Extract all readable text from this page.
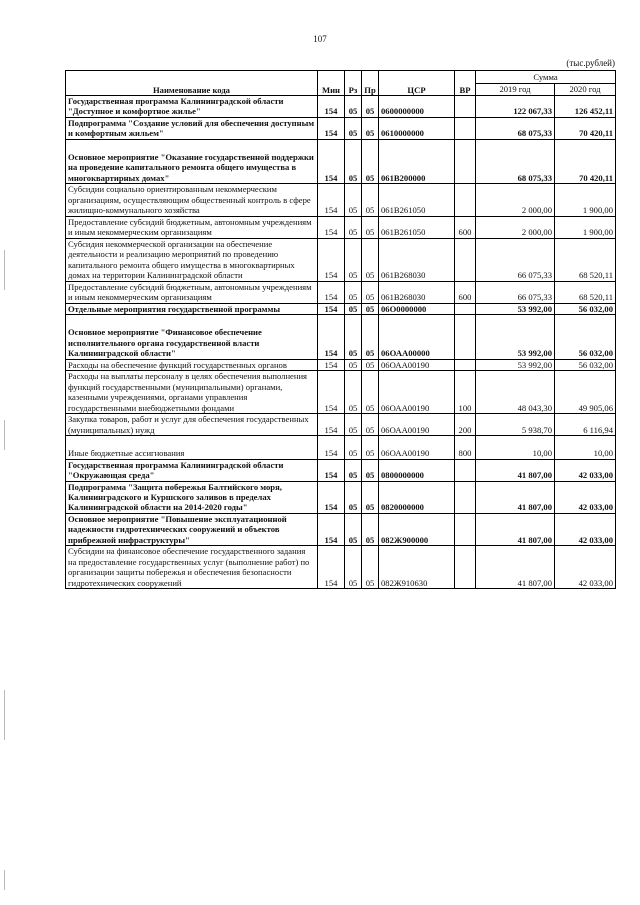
107
(тыс.рублей)
Наименование кода	Мин	Рз	Пр	ЦСР	ВР	Сумма	
						2019 год	2020 год
Государственная программа Калининградской области "Доступное и комфортное жилье"	154	05	05	0600000000		122 067,33	126 452,11
Подпрограмма "Создание условий для обеспечения доступным и комфортным жильем"	154	05	05	0610000000		68 075,33	70 420,11
Основное мероприятие "Оказание государственной поддержки на проведение капитального ремонта общего имущества в многоквартирных домах"	154	05	05	061В200000		68 075,33	70 420,11
Субсидии социально ориентированным некоммерческим организациям, осуществляющим общественный контроль в сфере жилищно-коммунального хозяйства	154	05	05	061В261050		2 000,00	1 900,00
Предоставление субсидий бюджетным, автономным учреждениям и иным некоммерческим организациям	154	05	05	061В261050	600	2 000,00	1 900,00
Субсидия некоммерческой организации на обеспечение деятельности и реализацию мероприятий по проведению капитального ремонта общего имущества в многоквартирных домах на территории Калининградской области	154	05	05	061В268030		66 075,33	68 520,11
Предоставление субсидий бюджетным, автономным учреждениям и иным некоммерческим организациям	154	05	05	061В268030	600	66 075,33	68 520,11
Отдельные мероприятия государственной программы	154	05	05	06О0000000		53 992,00	56 032,00
Основное мероприятие "Финансовое обеспечение исполнительного органа государственной власти Калининградской области"	154	05	05	06ОАА00000		53 992,00	56 032,00
Расходы на обеспечение функций государственных органов	154	05	05	06ОАА00190		53 992,00	56 032,00
Расходы на выплаты персоналу в целях обеспечения выполнения функций государственными (муниципальными) органами, казенными учреждениями, органами управления государственными внебюджетными фондами	154	05	05	06ОАА00190	100	48 043,30	49 905,06
Закупка товаров, работ и услуг для обеспечения государственных (муниципальных) нужд	154	05	05	06ОАА00190	200	5 938,70	6 116,94
Иные бюджетные ассигнования	154	05	05	06ОАА00190	800	10,00	10,00
Государственная программа Калининградской области "Окружающая среда"	154	05	05	0800000000		41 807,00	42 033,00
Подпрограмма "Защита побережья Балтийского моря, Калининградского и Куршского заливов в пределах Калининградской области на 2014-2020 годы"	154	05	05	0820000000		41 807,00	42 033,00
Основное мероприятие "Повышение эксплуатационной надежности гидротехнических сооружений и объектов прибрежной инфраструктуры"	154	05	05	082Ж900000		41 807,00	42 033,00
Субсидии на финансовое обеспечение государственного задания на предоставление государственных услуг (выполнение работ) по организации защиты побережья и обеспечения безопасности гидротехнических сооружений	154	05	05	082Ж910630		41 807,00	42 033,00
